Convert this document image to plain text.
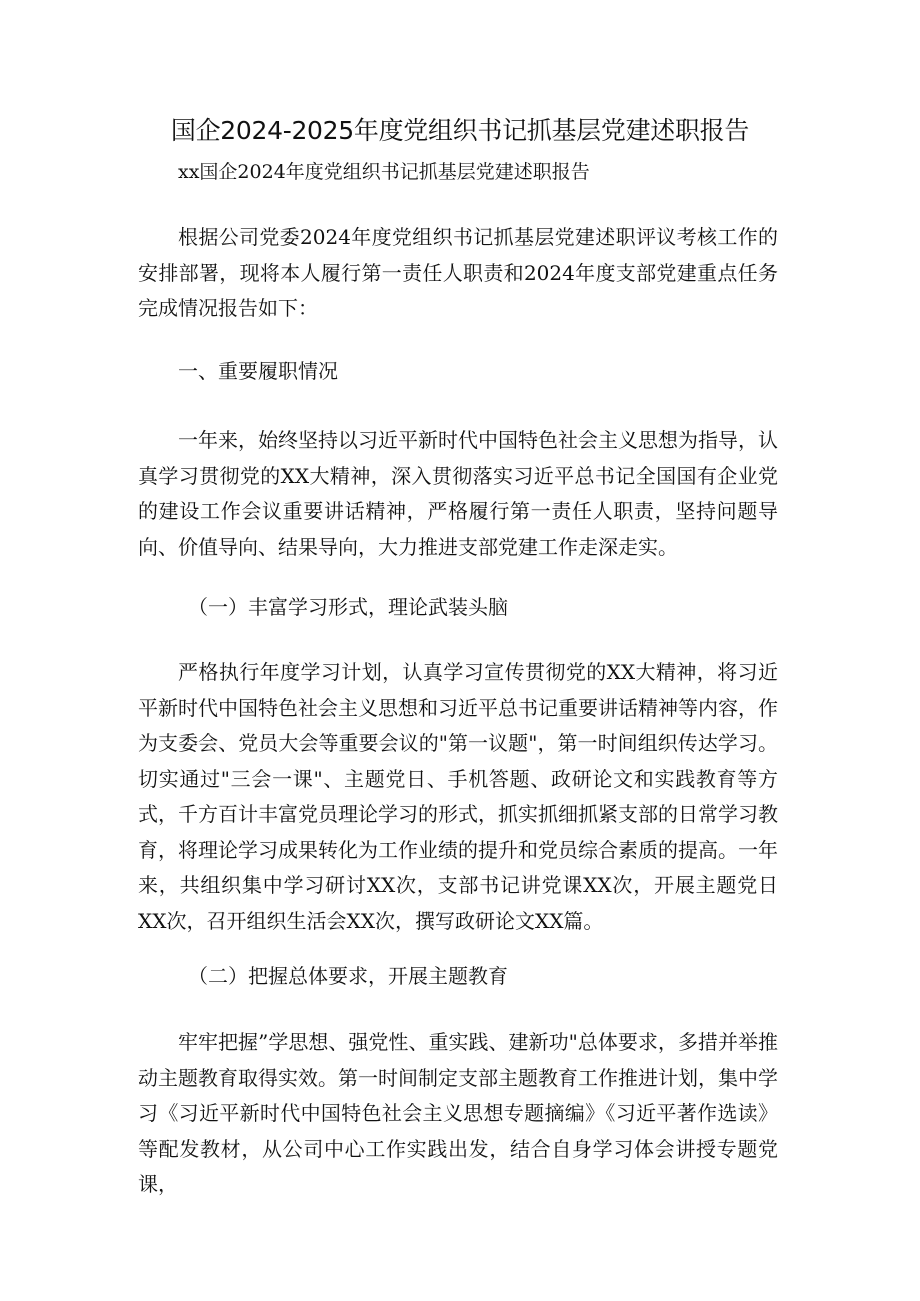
国企2024-2025年度党组织书记抓基层党建述职报告
xx国企2024年度党组织书记抓基层党建述职报告

根据公司党委2024年度党组织书记抓基层党建述职评议考核工作的安排部署，现将本人履行第一责任人职责和2024年度支部党建重点任务完成情况报告如下：

一、重要履职情况

一年来，始终坚持以习近平新时代中国特色社会主义思想为指导，认真学习贯彻党的XX大精神，深入贯彻落实习近平总书记全国国有企业党的建设工作会议重要讲话精神，严格履行第一责任人职责，坚持问题导向、价值导向、结果导向，大力推进支部党建工作走深走实。

（一）丰富学习形式，理论武装头脑

严格执行年度学习计划，认真学习宣传贯彻党的XX大精神，将习近平新时代中国特色社会主义思想和习近平总书记重要讲话精神等内容，作为支委会、党员大会等重要会议的"第一议题"，第一时间组织传达学习。切实通过"三会一课"、主题党日、手机答题、政研论文和实践教育等方式，千方百计丰富党员理论学习的形式，抓实抓细抓紧支部的日常学习教育，将理论学习成果转化为工作业绩的提升和党员综合素质的提高。一年来，共组织集中学习研讨XX次，支部书记讲党课XX次，开展主题党日XX次，召开组织生活会XX次，撰写政研论文XX篇。

（二）把握总体要求，开展主题教育

牢牢把握”学思想、强党性、重实践、建新功"总体要求，多措并举推动主题教育取得实效。第一时间制定支部主题教育工作推进计划，集中学习《习近平新时代中国特色社会主义思想专题摘编》《习近平著作选读》等配发教材，从公司中心工作实践出发，结合自身学习体会讲授专题党课，
